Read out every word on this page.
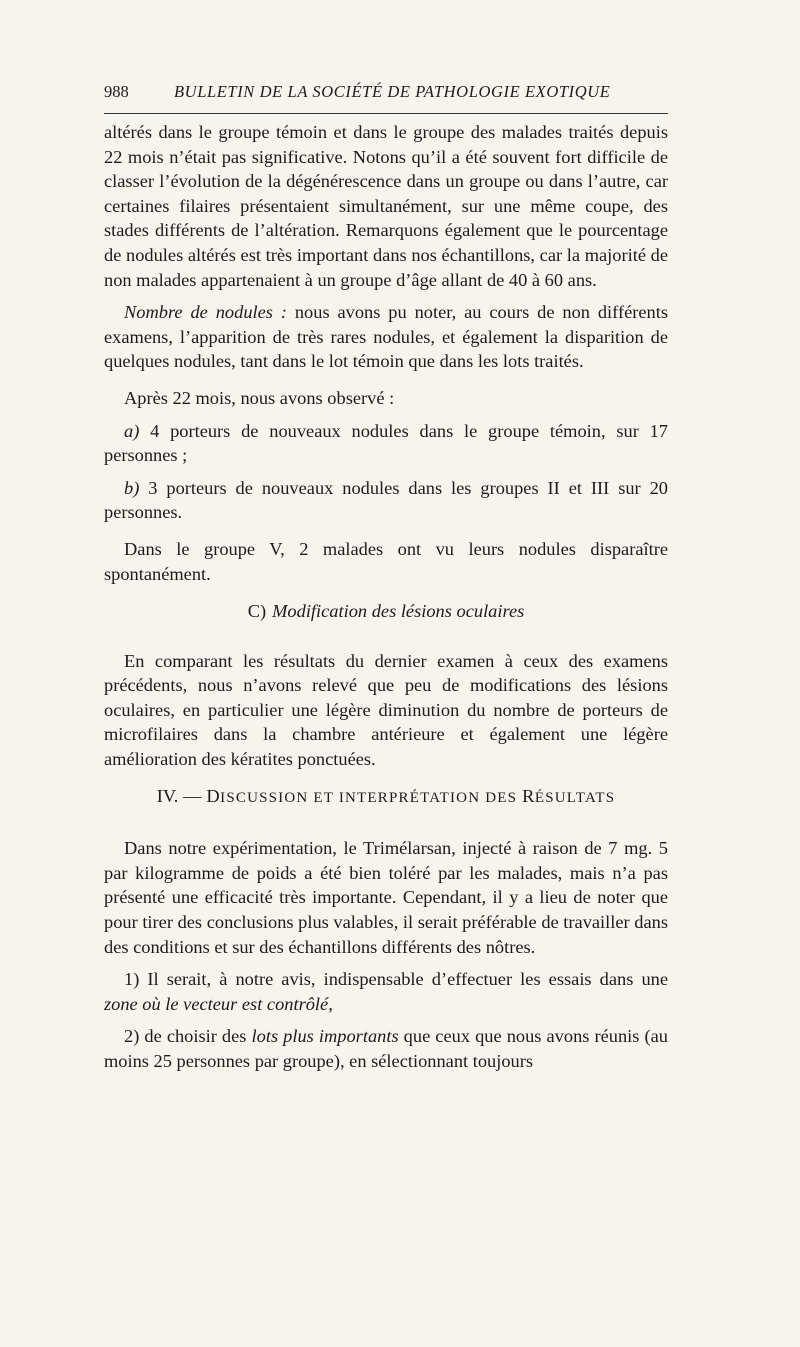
988	BULLETIN DE LA SOCIÉTÉ DE PATHOLOGIE EXOTIQUE

altérés dans le groupe témoin et dans le groupe des malades traités depuis 22 mois n’était pas significative. Notons qu’il a été souvent fort difficile de classer l’évolution de la dégénérescence dans un groupe ou dans l’autre, car certaines filaires présentaient simultanément, sur une même coupe, des stades différents de l’altération. Remarquons également que le pourcentage de nodules altérés est très important dans nos échantillons, car la majorité de non malades appartenaient à un groupe d’âge allant de 40 à 60 ans.

Nombre de nodules : nous avons pu noter, au cours de non différents examens, l’apparition de très rares nodules, et également la disparition de quelques nodules, tant dans le lot témoin que dans les lots traités.

Après 22 mois, nous avons observé :

a) 4 porteurs de nouveaux nodules dans le groupe témoin, sur 17 personnes ;

b) 3 porteurs de nouveaux nodules dans les groupes II et III sur 20 personnes.

Dans le groupe V, 2 malades ont vu leurs nodules disparaître spontanément.

C) Modification des lésions oculaires

En comparant les résultats du dernier examen à ceux des examens précédents, nous n’avons relevé que peu de modifications des lésions oculaires, en particulier une légère diminution du nombre de porteurs de microfilaires dans la chambre antérieure et également une légère amélioration des kératites ponctuées.

IV. — DISCUSSION ET INTERPRÉTATION DES RÉSULTATS

Dans notre expérimentation, le Trimélarsan, injecté à raison de 7 mg. 5 par kilogramme de poids a été bien toléré par les malades, mais n’a pas présenté une efficacité très importante. Cependant, il y a lieu de noter que pour tirer des conclusions plus valables, il serait préférable de travailler dans des conditions et sur des échantillons différents des nôtres.

1) Il serait, à notre avis, indispensable d’effectuer les essais dans une zone où le vecteur est contrôlé,

2) de choisir des lots plus importants que ceux que nous avons réunis (au moins 25 personnes par groupe), en sélectionnant toujours
